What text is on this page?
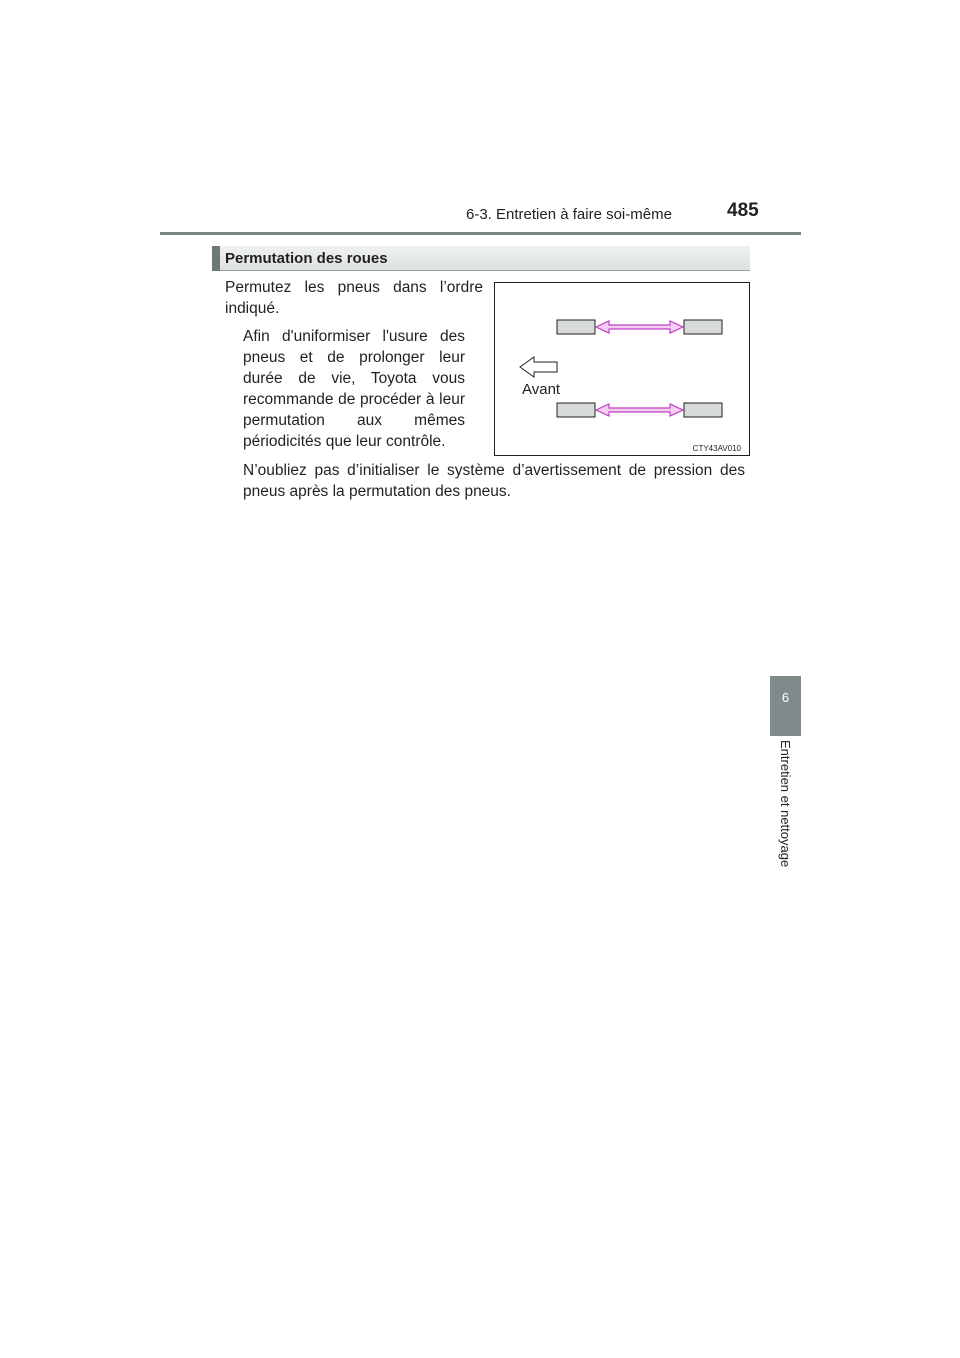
6-3. Entretien à faire soi-même	485
6
Entretien et nettoyage
Permutation des roues
Permutez les pneus dans l’ordre indiqué.
Afin d'uniformiser l'usure des pneus et de prolonger leur durée de vie, Toyota vous recommande de procéder à leur permutation aux mêmes périodicités que leur contrôle.
N’oubliez pas d’initialiser le système d’avertissement de pression des pneus après la permutation des pneus.
Avant
CTY43AV010
